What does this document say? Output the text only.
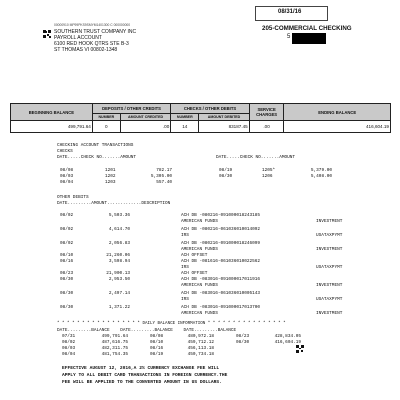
08/31/16
205-COMMERCIAL CHECKING
5
00000910 MP99PKS9SMYM1401300 C 000000000
SOUTHERN TRUST COMPANY INC
PAYROLL ACCOUNT
6100 RED HOOK QTRS STE B-3
ST THOMAS VI 00802-1348
BEGINNING BALANCE	DEPOSITS / OTHER CREDITS		CHECKS / OTHER DEBITS		SERVICE CHARGES	ENDING BALANCE
	NUMBER	AMOUNT CREDITED	NUMBER	AMOUNT DEBITED		
499,791.64	0	.00	14	83187.45	.00	416,604.19
CHECKING ACCOUNT TRANSACTIONS
CHECKS
DATE.....CHECK NO.......AMOUNT	DATE.....CHECK NO.......AMOUNT
08/08	1201	782.17
08/03	1202	5,305.00
08/04	1203	557.40
08/19	1205*	5,379.00
08/30	1206	5,408.00
OTHER DEBITS
DATE.........AMOUNT.............DESCRIPTION
08/02	5,503.36	ACH DB -080216-091000018243185
AMERICAN FUNDS	INVESTMENT
08/02	4,614.70	ACH DB -080216-061036010014092
IRS	USATAXPYMT
08/02	2,056.83	ACH DB -080216-091000018246099
AMERICAN FUNDS	INVESTMENT
08/10	21,260.06	ACH OFFSET
08/16	3,598.94	ACH DB -081616-061036010022562
IRS	USATAXPYMT
08/23	21,900.13	ACH OFFSET
08/30	2,953.50	ACH DB -083016-091000017011916
AMERICAN FUNDS	INVESTMENT
08/30	2,497.14	ACH DB -083016-061036010005143
IRS	USATAXPYMT
08/30	1,371.22	ACH DB -083016-091000017013700
AMERICAN FUNDS	INVESTMENT
* * * * * * * * * * * * * * * * * DAILY BALANCE INFORMATION * * * * * * * * * * * * * * * *
DATE.........BALANCE    DATE.........BALANCE    DATE.........BALANCE
07/31	499,791.64	08/08	480,972.18	08/23	428,834.05
08/02	487,616.75	08/10	459,712.12	08/30	416,604.19
08/03	482,311.75	08/16	456,113.18
08/04	481,754.35	08/19	450,734.18
EFFECTIVE AUGUST 12, 2016,A 2% CURRENCY EXCHANGE FEE WILL
APPLY TO ALL DEBIT CARD TRANSACTIONS IN FOREIGN CURRENCY.THE
FEE WILL BE APPLIED TO THE CONVERTED AMOUNT IN US DOLLARS.
